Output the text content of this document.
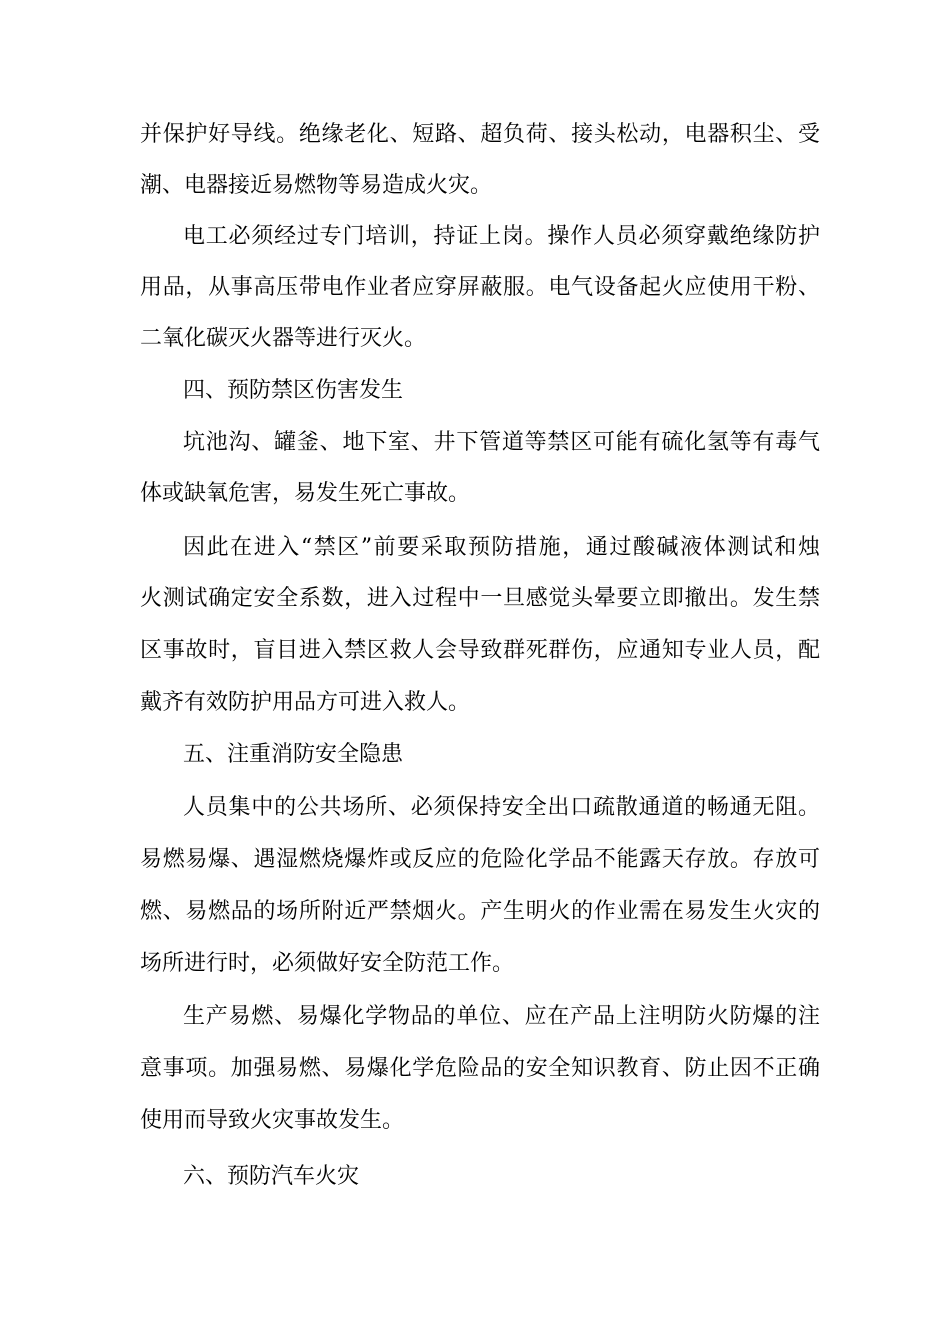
并保护好导线。绝缘老化、短路、超负荷、接头松动，电器积尘、受
潮、电器接近易燃物等易造成火灾。
电工必须经过专门培训，持证上岗。操作人员必须穿戴绝缘防护
用品，从事高压带电作业者应穿屏蔽服。电气设备起火应使用干粉、
二氧化碳灭火器等进行灭火。
四、预防禁区伤害发生
坑池沟、罐釜、地下室、井下管道等禁区可能有硫化氢等有毒气
体或缺氧危害，易发生死亡事故。
因此在进入“禁区”前要采取预防措施，通过酸碱液体测试和烛
火测试确定安全系数，进入过程中一旦感觉头晕要立即撤出。发生禁
区事故时，盲目进入禁区救人会导致群死群伤，应通知专业人员，配
戴齐有效防护用品方可进入救人。
五、注重消防安全隐患
人员集中的公共场所、必须保持安全出口疏散通道的畅通无阻。
易燃易爆、遇湿燃烧爆炸或反应的危险化学品不能露天存放。存放可
燃、易燃品的场所附近严禁烟火。产生明火的作业需在易发生火灾的
场所进行时，必须做好安全防范工作。
生产易燃、易爆化学物品的单位、应在产品上注明防火防爆的注
意事项。加强易燃、易爆化学危险品的安全知识教育、防止因不正确
使用而导致火灾事故发生。
六、预防汽车火灾
